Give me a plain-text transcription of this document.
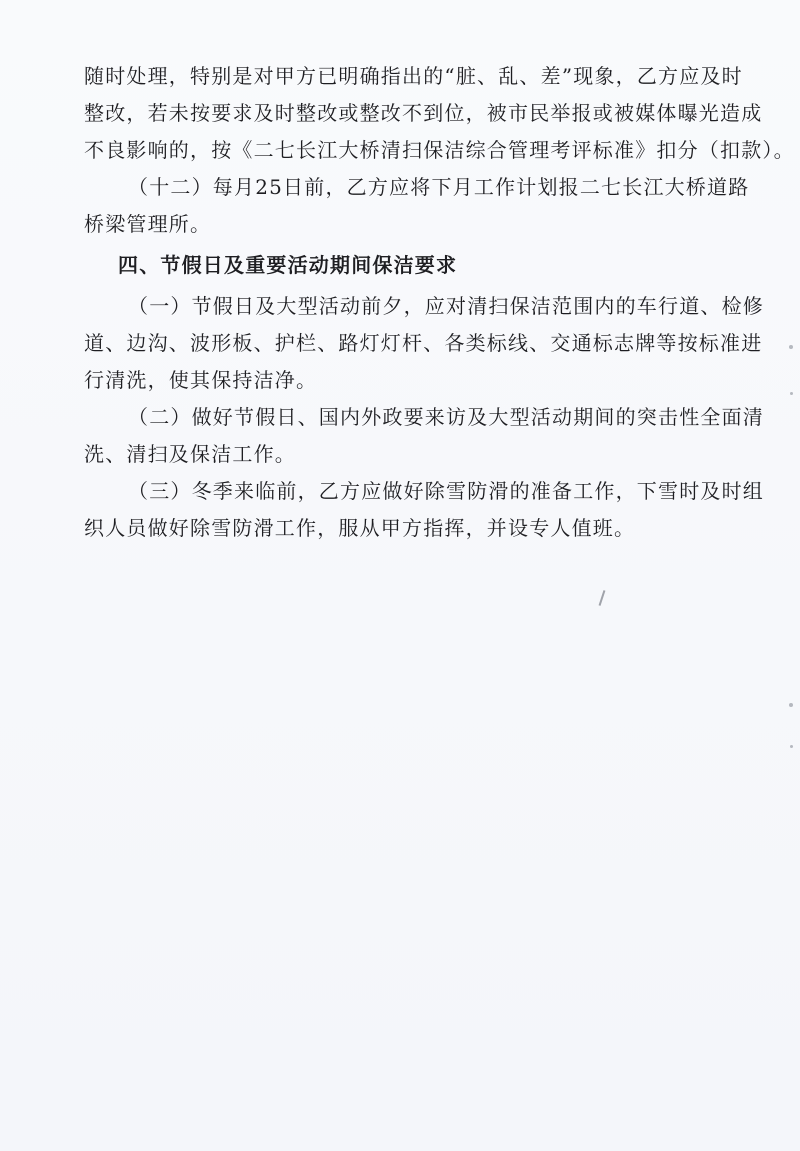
随时处理，特别是对甲方已明确指出的“脏、乱、差”现象，乙方应及时
整改，若未按要求及时整改或整改不到位，被市民举报或被媒体曝光造成
不良影响的，按《二七长江大桥清扫保洁综合管理考评标准》扣分（扣款）。
（十二）每月25日前，乙方应将下月工作计划报二七长江大桥道路
桥梁管理所。
四、节假日及重要活动期间保洁要求
（一）节假日及大型活动前夕，应对清扫保洁范围内的车行道、检修
道、边沟、波形板、护栏、路灯灯杆、各类标线、交通标志牌等按标准进
行清洗，使其保持洁净。
（二）做好节假日、国内外政要来访及大型活动期间的突击性全面清
洗、清扫及保洁工作。
（三）冬季来临前，乙方应做好除雪防滑的准备工作，下雪时及时组
织人员做好除雪防滑工作，服从甲方指挥，并设专人值班。
